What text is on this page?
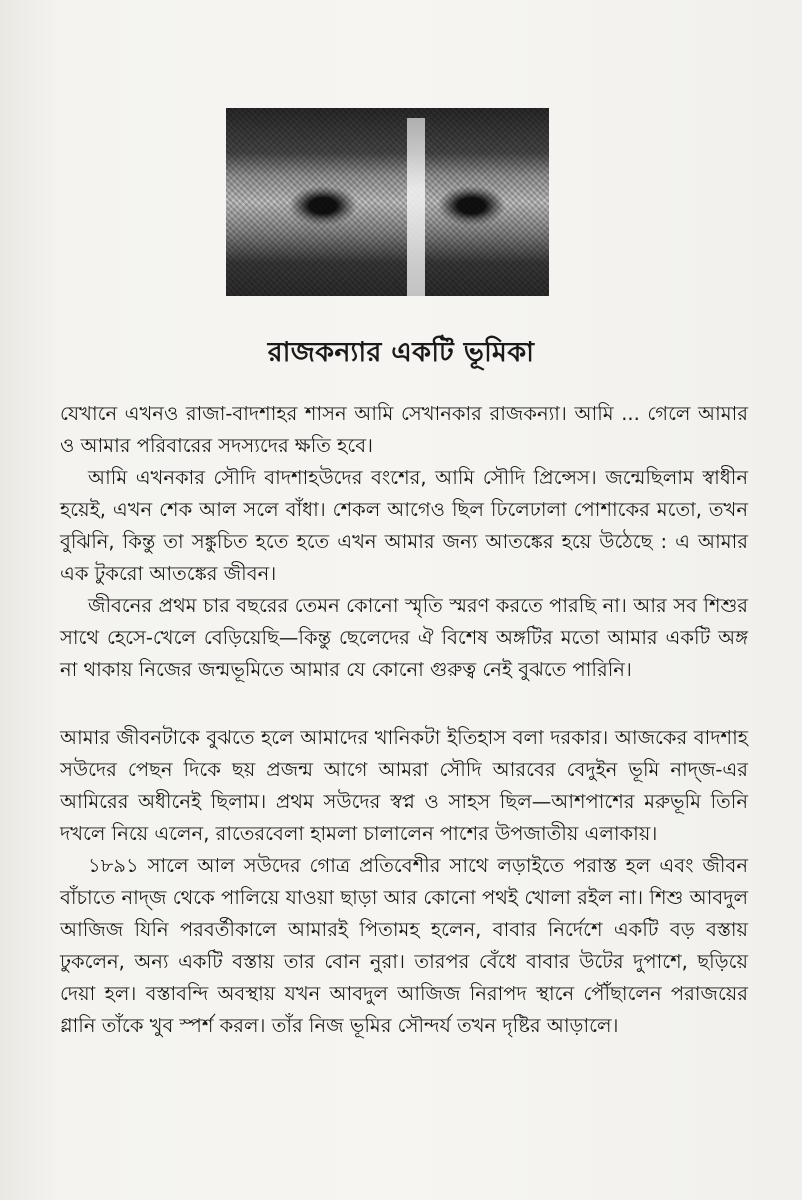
রাজকন্যার একটি ভূমিকা

যেখানে এখনও রাজা-বাদশাহর শাসন আমি সেখানকার রাজকন্যা। আমি ... গেলে আমার ও আমার পরিবারের সদস্যদের ক্ষতি হবে।

আমি এখনকার সৌদি বাদশাহউদের বংশের, আমি সৌদি প্রিন্সেস। জন্মেছিলাম স্বাধীন হয়েই, এখন শেক আল সলে বাঁধা। শেকল আগেও ছিল ঢিলেঢালা পোশাকের মতো, তখন বুঝিনি, কিন্তু তা সঙ্কুচিত হতে হতে এখন আমার জন্য আতঙ্কের হয়ে উঠেছে : এ আমার এক টুকরো আতঙ্কের জীবন।

জীবনের প্রথম চার বছরের তেমন কোনো স্মৃতি স্মরণ করতে পারছি না। আর সব শিশুর সাথে হেসে-খেলে বেড়িয়েছি—কিন্তু ছেলেদের ঐ বিশেষ অঙ্গটির মতো আমার একটি অঙ্গ না থাকায় নিজের জন্মভূমিতে আমার যে কোনো গুরুত্ব নেই বুঝতে পারিনি।

আমার জীবনটাকে বুঝতে হলে আমাদের খানিকটা ইতিহাস বলা দরকার। আজকের বাদশাহ সউদের পেছন দিকে ছয় প্রজন্ম আগে আমরা সৌদি আরবের বেদুইন ভূমি নাদ্জ-এর আমিরের অধীনেই ছিলাম। প্রথম সউদের স্বপ্ন ও সাহস ছিল—আশপাশের মরুভূমি তিনি দখলে নিয়ে এলেন, রাতেরবেলা হামলা চালালেন পাশের উপজাতীয় এলাকায়।

১৮৯১ সালে আল সউদের গোত্র প্রতিবেশীর সাথে লড়াইতে পরাস্ত হল এবং জীবন বাঁচাতে নাদ্জ থেকে পালিয়ে যাওয়া ছাড়া আর কোনো পথই খোলা রইল না। শিশু আবদুল আজিজ যিনি পরবর্তীকালে আমারই পিতামহ হলেন, বাবার নির্দেশে একটি বড় বস্তায় ঢুকলেন, অন্য একটি বস্তায় তার বোন নুরা। তারপর বেঁধে বাবার উটের দুপাশে, ছড়িয়ে দেয়া হল। বস্তাবন্দি অবস্থায় যখন আবদুল আজিজ নিরাপদ স্থানে পৌঁছালেন পরাজয়ের গ্লানি তাঁকে খুব স্পর্শ করল। তাঁর নিজ ভূমির সৌন্দর্য তখন দৃষ্টির আড়ালে।
